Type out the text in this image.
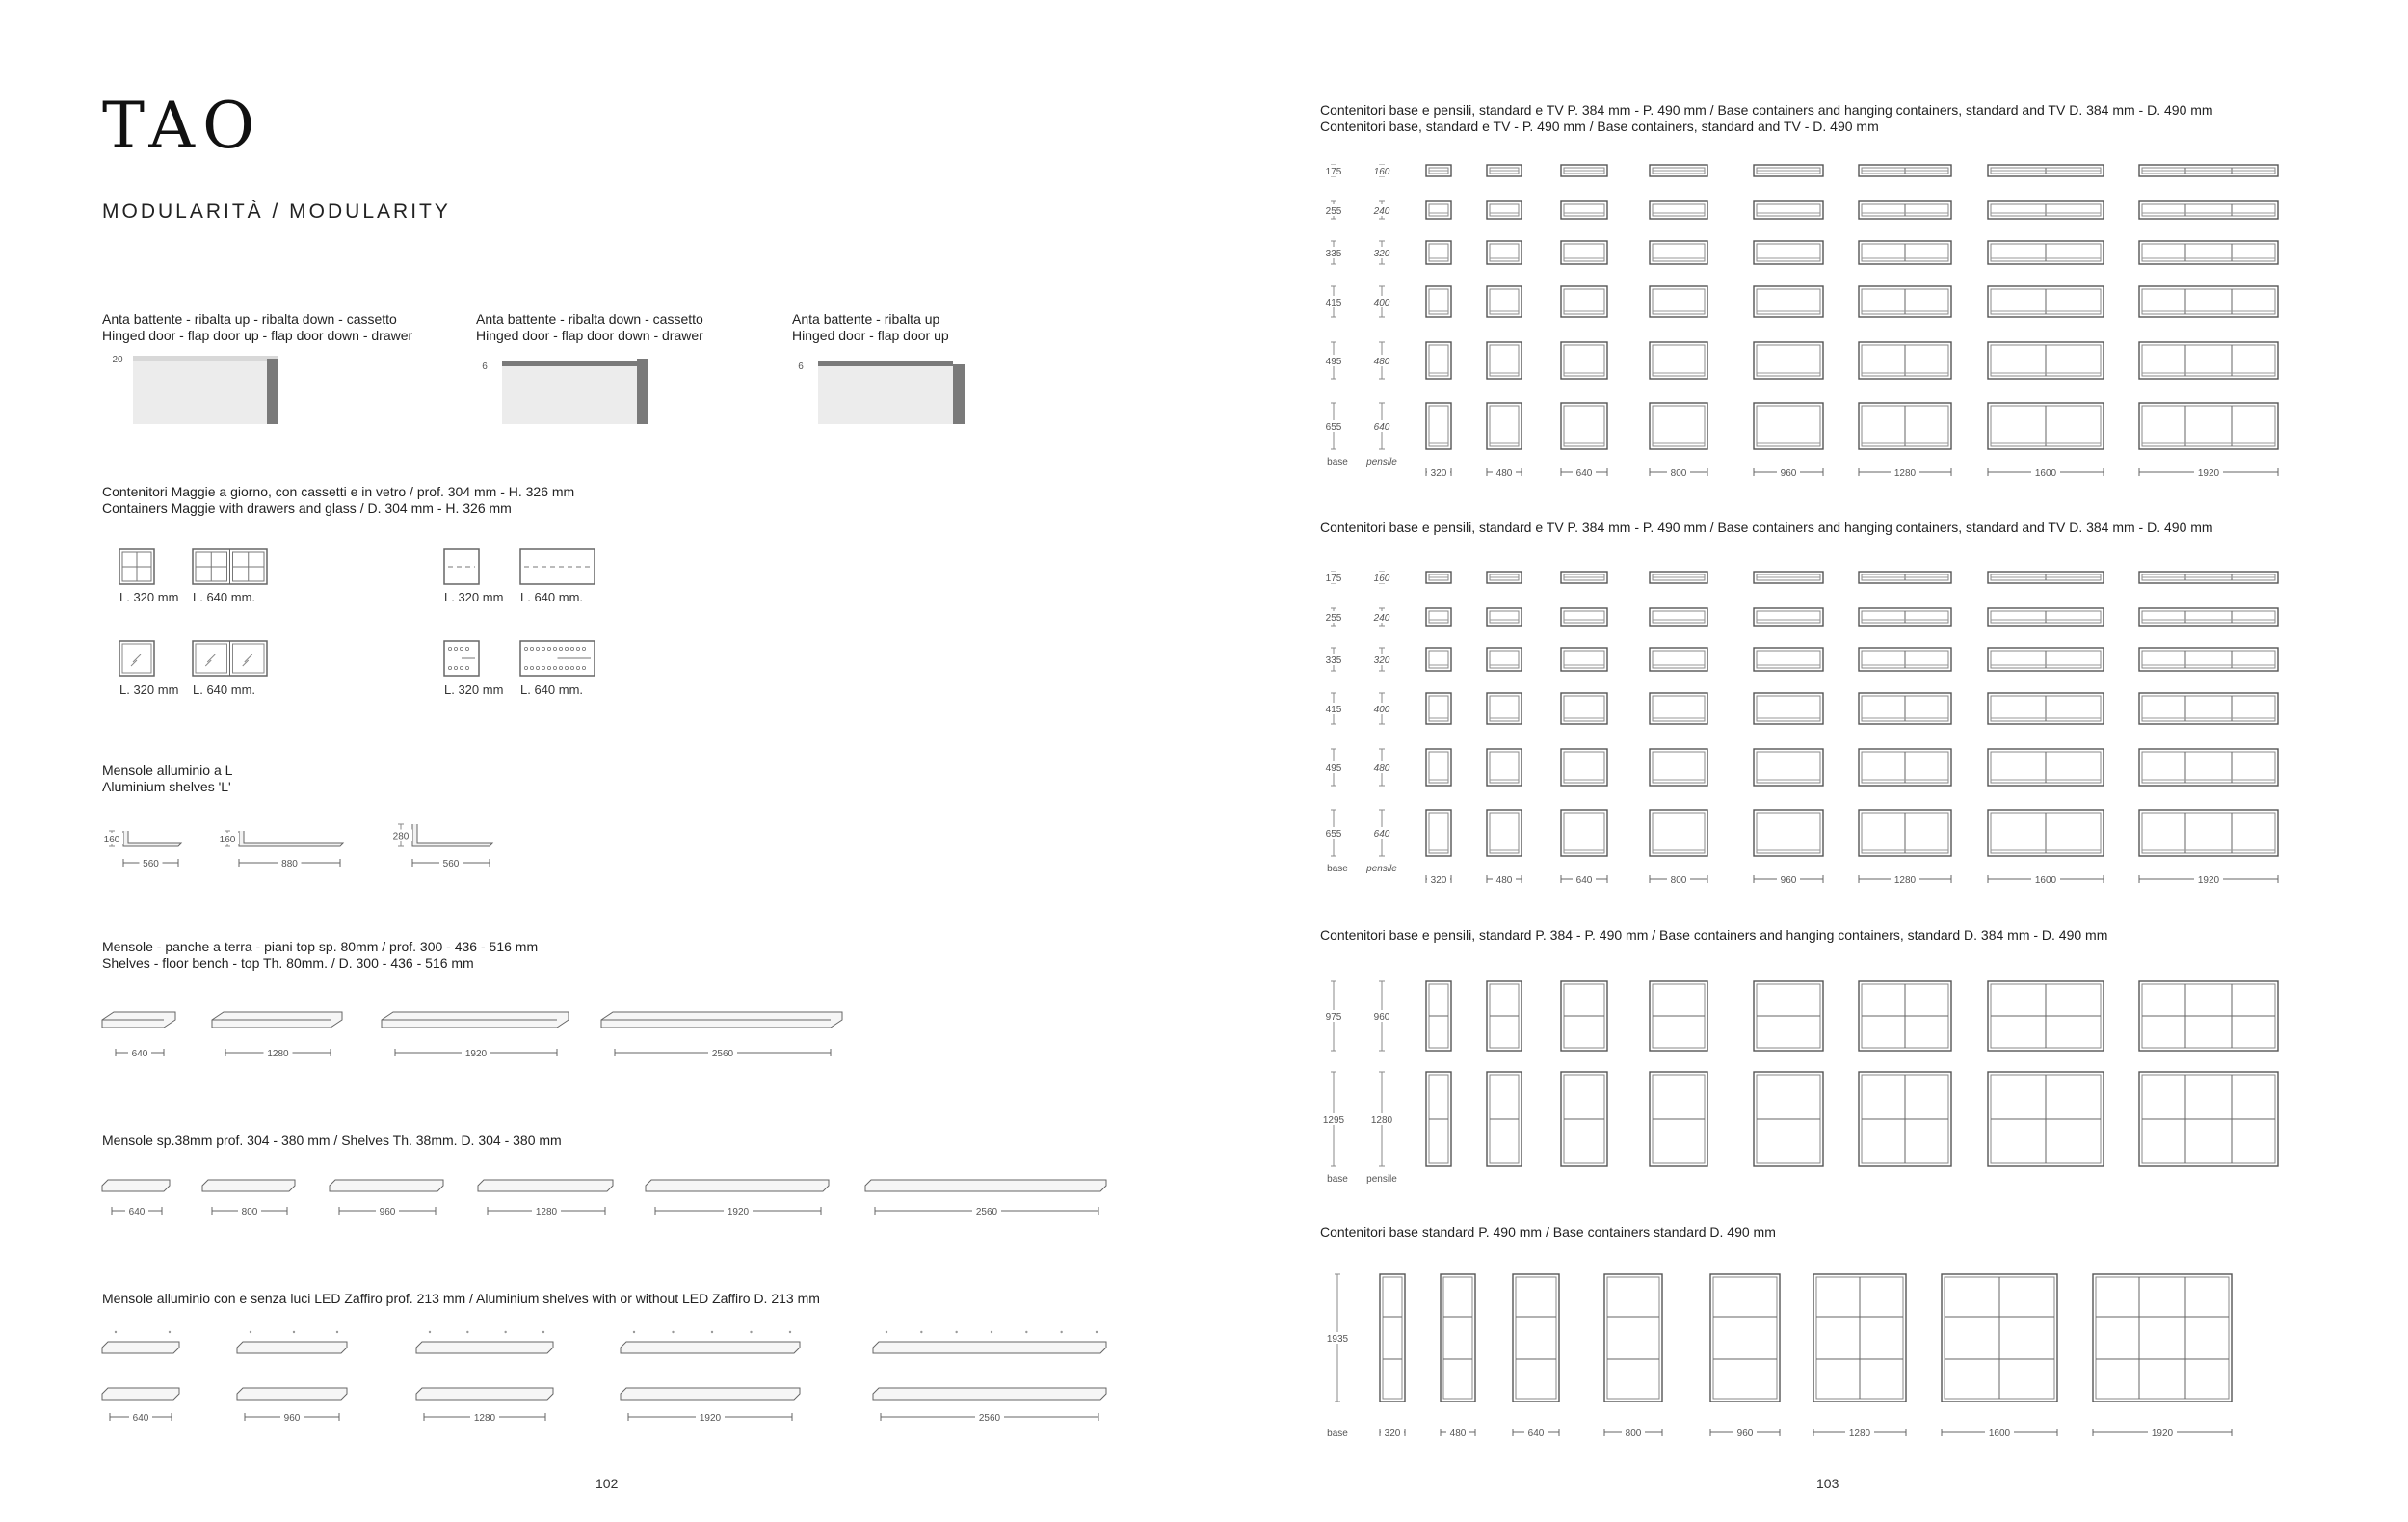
TAO
MODULARITÀ / MODULARITY
Anta battente - ribalta up - ribalta down - cassetto
Hinged door - flap door up - flap door down - drawer
Anta battente - ribalta down - cassetto
Hinged door - flap door down - drawer
Anta battente - ribalta up
Hinged door - flap door up
Contenitori Maggie a giorno, con cassetti e in vetro / prof. 304 mm - H. 326 mm
Containers Maggie with drawers and glass / D. 304 mm - H. 326 mm
Mensole alluminio a L
Aluminium shelves 'L'
Mensole - panche a terra - piani top sp. 80mm / prof. 300 - 436 - 516 mm
Shelves - floor bench - top Th. 80mm. / D. 300 - 436 - 516 mm
Mensole sp.38mm prof. 304 - 380 mm / Shelves Th. 38mm. D. 304 - 380 mm
Mensole alluminio con e senza luci LED Zaffiro prof. 213 mm / Aluminium shelves with or without LED Zaffiro D. 213 mm
102
Contenitori base e pensili, standard e TV P. 384 mm - P. 490 mm / Base containers and hanging containers, standard and TV D. 384 mm - D. 490 mm
Contenitori base, standard e TV - P. 490 mm / Base containers, standard and TV - D. 490 mm
Contenitori base e pensili, standard e TV P. 384 mm - P. 490 mm / Base containers and hanging containers, standard and TV D. 384 mm - D. 490 mm
Contenitori base e pensili, standard P. 384 - P. 490 mm / Base containers and hanging containers, standard D. 384 mm - D. 490 mm
Contenitori base standard P. 490 mm / Base containers standard D. 490 mm
103
20
6	6
L. 320 mm L. 640 mm.	L. 320 mm L. 640 mm.
L. 320 mm L. 640 mm.	L. 320 mm L. 640 mm.
160
560
160
880
280
560
640	1280	1920	2560
640	800	960	1280	1920	2560
640	960	1280	1920	2560
175	160
255	240
335	320
415	400
495	480
655	640
base pensile
320	480	640	800	960	1280	1600	1920
175	160
255	240
335	320
415	400
495	480
655	640
base pensile
320	480	640	800	960	1280	1600	1920
975	960
1295	1280
base pensile
1935
base	320	480	640	800	960	1280	1600	1920
